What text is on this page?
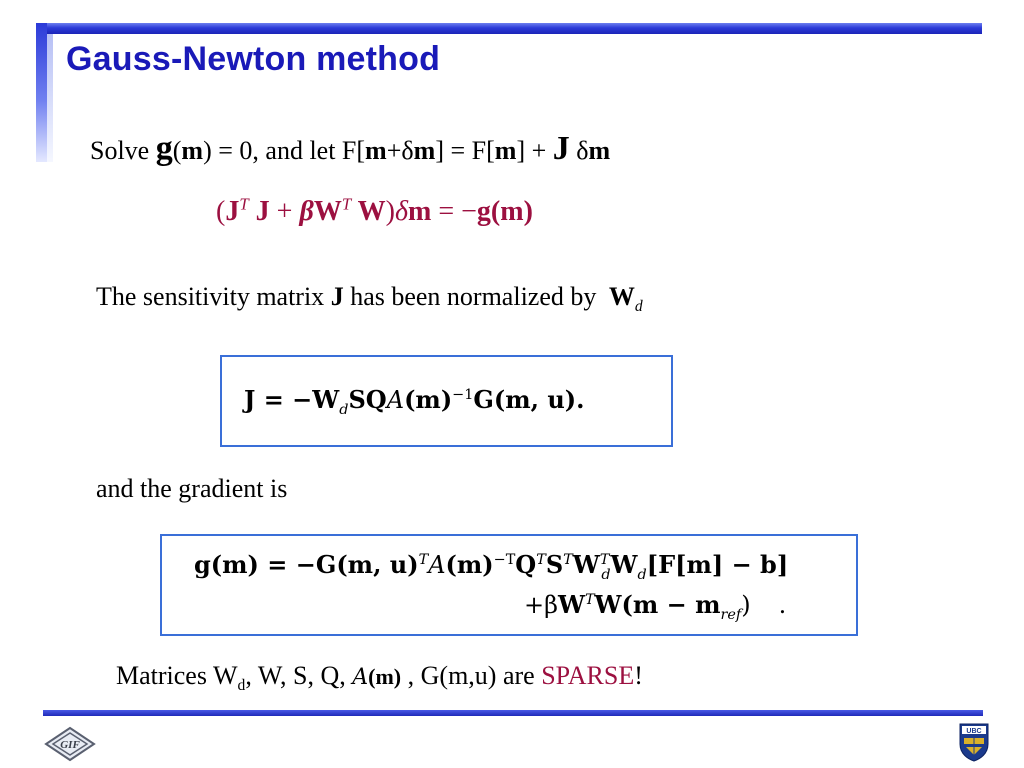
Gauss-Newton method
Solve g(m) = 0, and let F[m+δm] = F[m] + J δm
($J^T$ $J + \beta W^T$ W)δm = −g(m)
The sensitivity matrix J has been normalized by $W_d$
$J = -W_dSQA(m)^{-1}G(m$, u).
and the gradient is
g(m) = −G(m, $u)^TA(m)^{-T}Q^TS^TW^T_dW_d[F[m] - b]$
$+\beta W^TW(m - m_{ref})$ .
Matrices $W_d$, W, S, Q, A(m) , G(m,u) are SPARSE!
GIF
UBC
